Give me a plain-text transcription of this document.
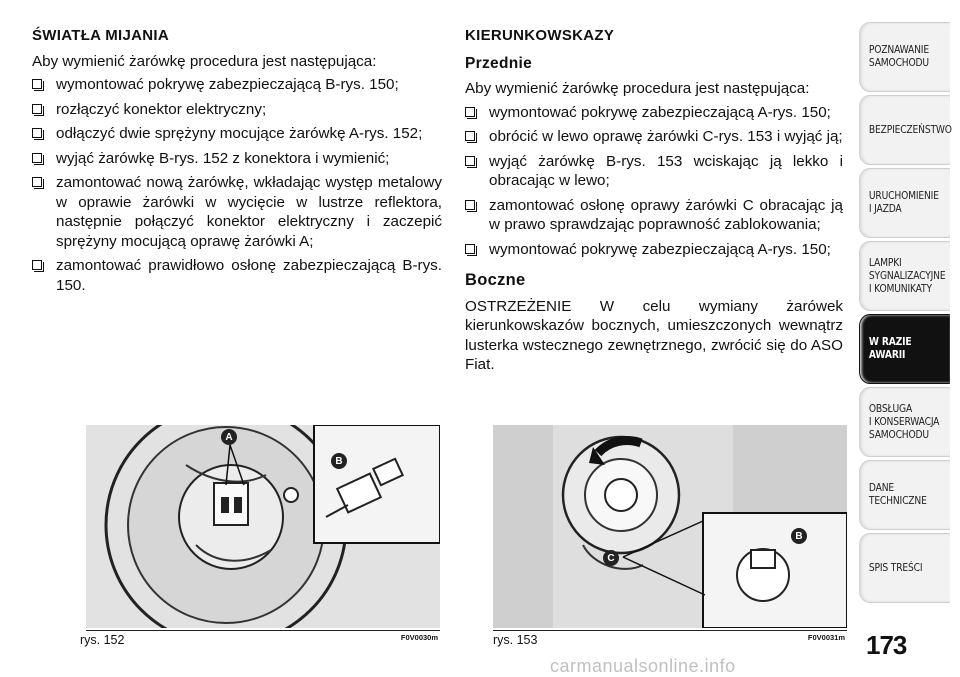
ŚWIATŁA MIJANIA

Aby wymienić żarówkę procedura jest następująca:

wymontować pokrywę zabezpieczającą B-rys. 150;
rozłączyć konektor elektryczny;
odłączyć dwie sprężyny mocujące żarówkę A-rys. 152;
wyjąć żarówkę B-rys. 152 z konektora i wymienić;
zamontować nową żarówkę, wkładając występ metalowy w oprawie żarówki w wycięcie w lustrze reflektora, następnie połączyć konektor elektryczny i zaczepić sprężyny mocującą oprawę żarówki A;
zamontować prawidłowo osłonę zabezpieczającą B-rys. 150.
KIERUNKOWSKAZY
Przednie

Aby wymienić żarówkę procedura jest następująca:

wymontować pokrywę zabezpieczającą A-rys. 150;
obrócić w lewo oprawę żarówki C-rys. 153 i wyjąć ją;
wyjąć żarówkę B-rys. 153 wciskając ją lekko i obracając w lewo;
zamontować osłonę oprawy żarówki C obracając ją w prawo sprawdzając poprawność zablokowania;
wymontować pokrywę zabezpieczającą A-rys. 150;
Boczne

OSTRZEŻENIE W celu wymiany żarówek kierunkowskazów bocznych, umieszczonych wewnątrz lusterka wstecznego zewnętrznego, zwrócić się do ASO Fiat.

A
B
rys. 152	F0V0030m
C
B
rys. 153	F0V0031m
POZNAWANIE
SAMOCHODU
BEZPIECZEŃSTWO
URUCHOMIENIE
I JAZDA
LAMPKI
SYGNALIZACYJNE
I KOMUNIKATY
W RAZIE AWARII
OBSŁUGA
I KONSERWACJA
SAMOCHODU
DANE
TECHNICZNE
SPIS TREŚCI
173
carmanualsonline.info
